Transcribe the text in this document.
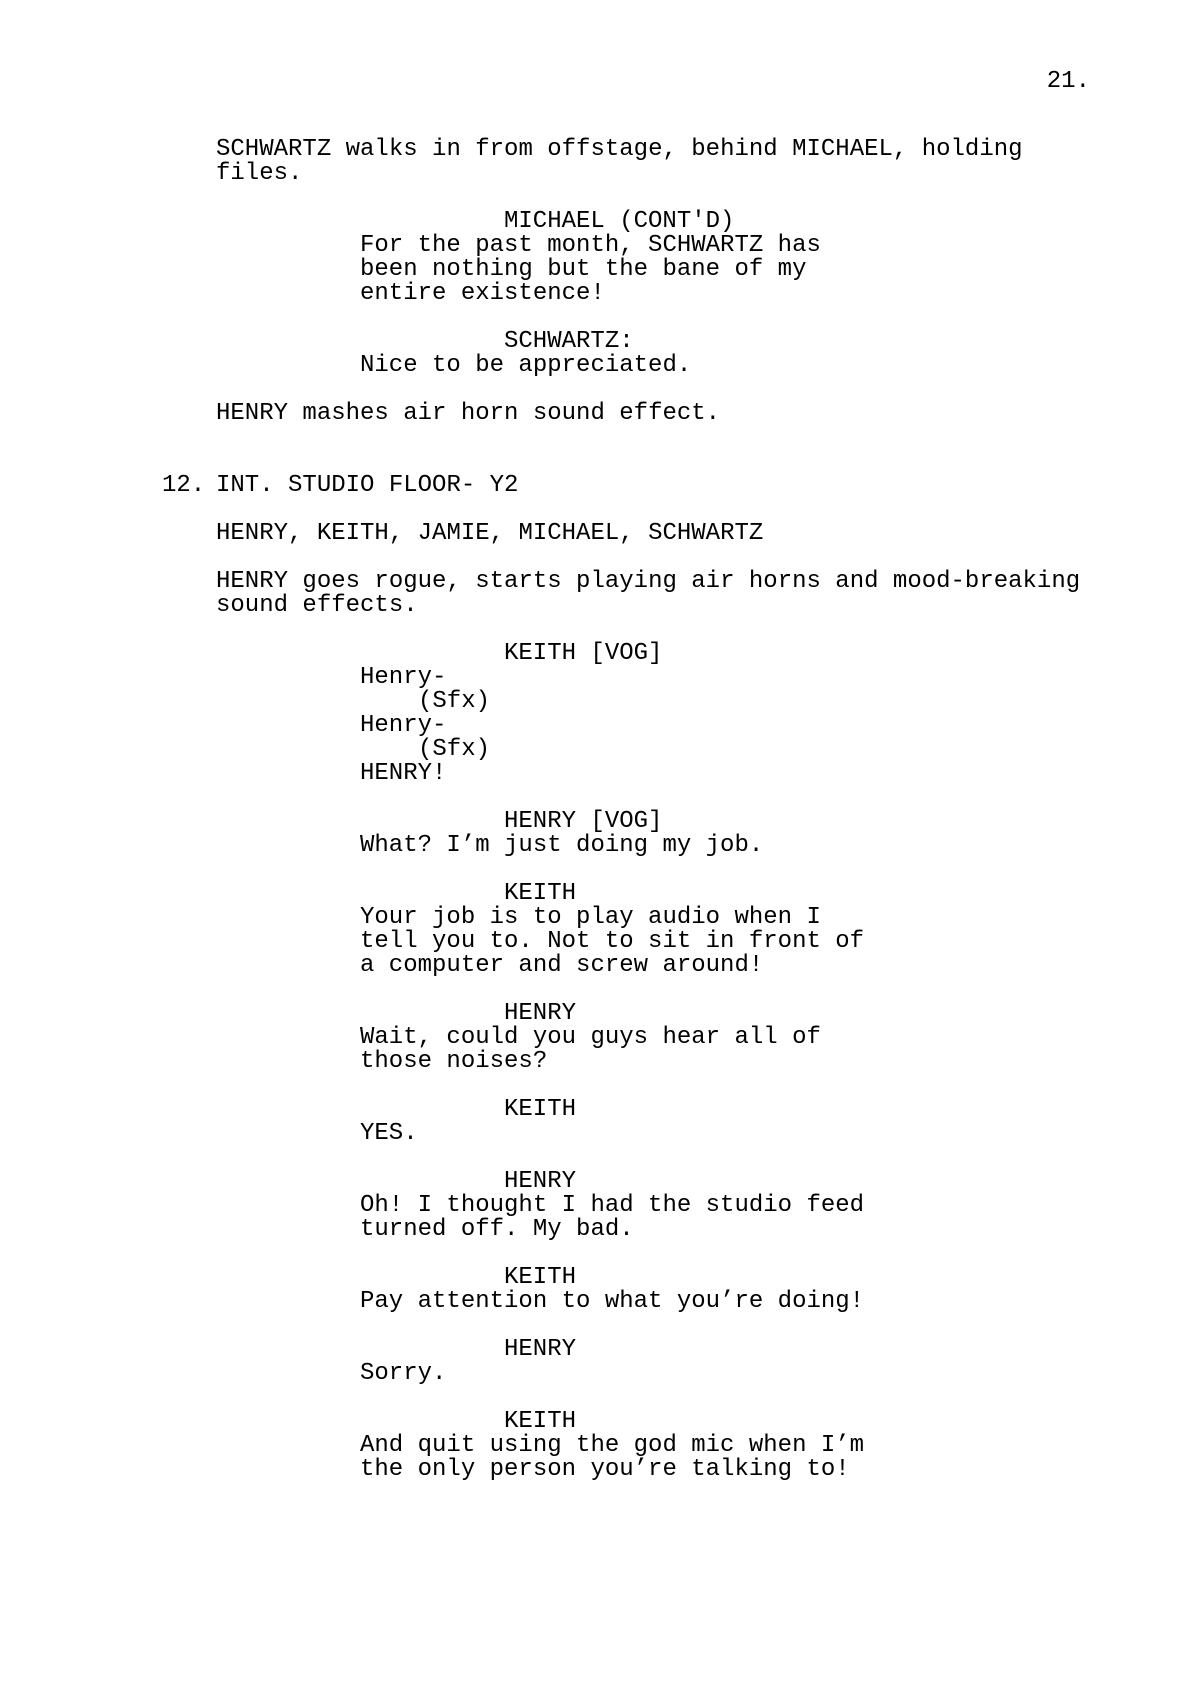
21.
SCHWARTZ walks in from offstage, behind MICHAEL, holding
files.
MICHAEL (CONT'D)
For the past month, SCHWARTZ has
been nothing but the bane of my
entire existence!
SCHWARTZ:
Nice to be appreciated.
HENRY mashes air horn sound effect.
12. INT. STUDIO FLOOR- Y2
HENRY, KEITH, JAMIE, MICHAEL, SCHWARTZ
HENRY goes rogue, starts playing air horns and mood-breaking
sound effects.
KEITH [VOG]
Henry-
(Sfx)
Henry-
(Sfx)
HENRY!
HENRY [VOG]
What? I’m just doing my job.
KEITH
Your job is to play audio when I
tell you to. Not to sit in front of
a computer and screw around!
HENRY
Wait, could you guys hear all of
those noises?
KEITH
YES.
HENRY
Oh! I thought I had the studio feed
turned off. My bad.
KEITH
Pay attention to what you’re doing!
HENRY
Sorry.
KEITH
And quit using the god mic when I’m
the only person you’re talking to!
